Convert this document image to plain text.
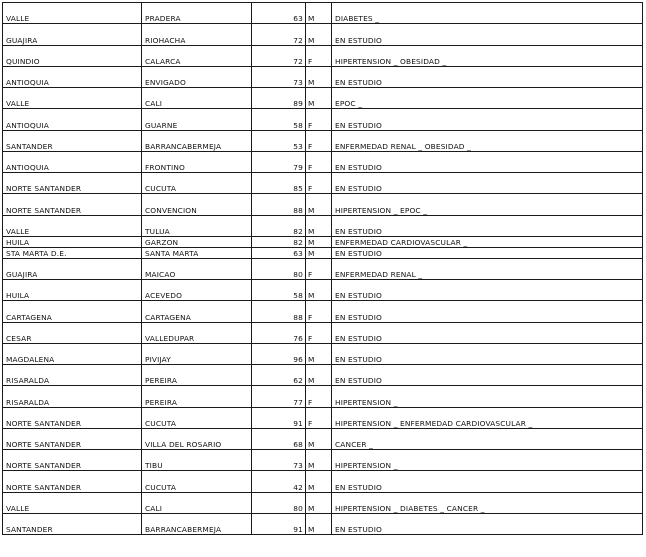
VALLE	PRADERA	63	M	DIABETES _
GUAJIRA	RIOHACHA	72	M	EN ESTUDIO
QUINDIO	CALARCA	72	F	HIPERTENSION _ OBESIDAD _
ANTIOQUIA	ENVIGADO	73	M	EN ESTUDIO
VALLE	CALI	89	M	EPOC _
ANTIOQUIA	GUARNE	58	F	EN ESTUDIO
SANTANDER	BARRANCABERMEJA	53	F	ENFERMEDAD RENAL _ OBESIDAD _
ANTIOQUIA	FRONTINO	79	F	EN ESTUDIO
NORTE SANTANDER	CUCUTA	85	F	EN ESTUDIO
NORTE SANTANDER	CONVENCION	88	M	HIPERTENSION _ EPOC _
VALLE	TULUA	82	M	EN ESTUDIO
HUILA	GARZON	82	M	ENFERMEDAD CARDIOVASCULAR _
STA MARTA D.E.	SANTA MARTA	63	M	EN ESTUDIO
GUAJIRA	MAICAO	80	F	ENFERMEDAD RENAL _
HUILA	ACEVEDO	58	M	EN ESTUDIO
CARTAGENA	CARTAGENA	88	F	EN ESTUDIO
CESAR	VALLEDUPAR	76	F	EN ESTUDIO
MAGDALENA	PIVIJAY	96	M	EN ESTUDIO
RISARALDA	PEREIRA	62	M	EN ESTUDIO
RISARALDA	PEREIRA	77	F	HIPERTENSION _
NORTE SANTANDER	CUCUTA	91	F	HIPERTENSION _ ENFERMEDAD CARDIOVASCULAR _
NORTE SANTANDER	VILLA DEL ROSARIO	68	M	CANCER _
NORTE SANTANDER	TIBU	73	M	HIPERTENSION _
NORTE SANTANDER	CUCUTA	42	M	EN ESTUDIO
VALLE	CALI	80	M	HIPERTENSION _ DIABETES _ CANCER _
SANTANDER	BARRANCABERMEJA	91	M	EN ESTUDIO
